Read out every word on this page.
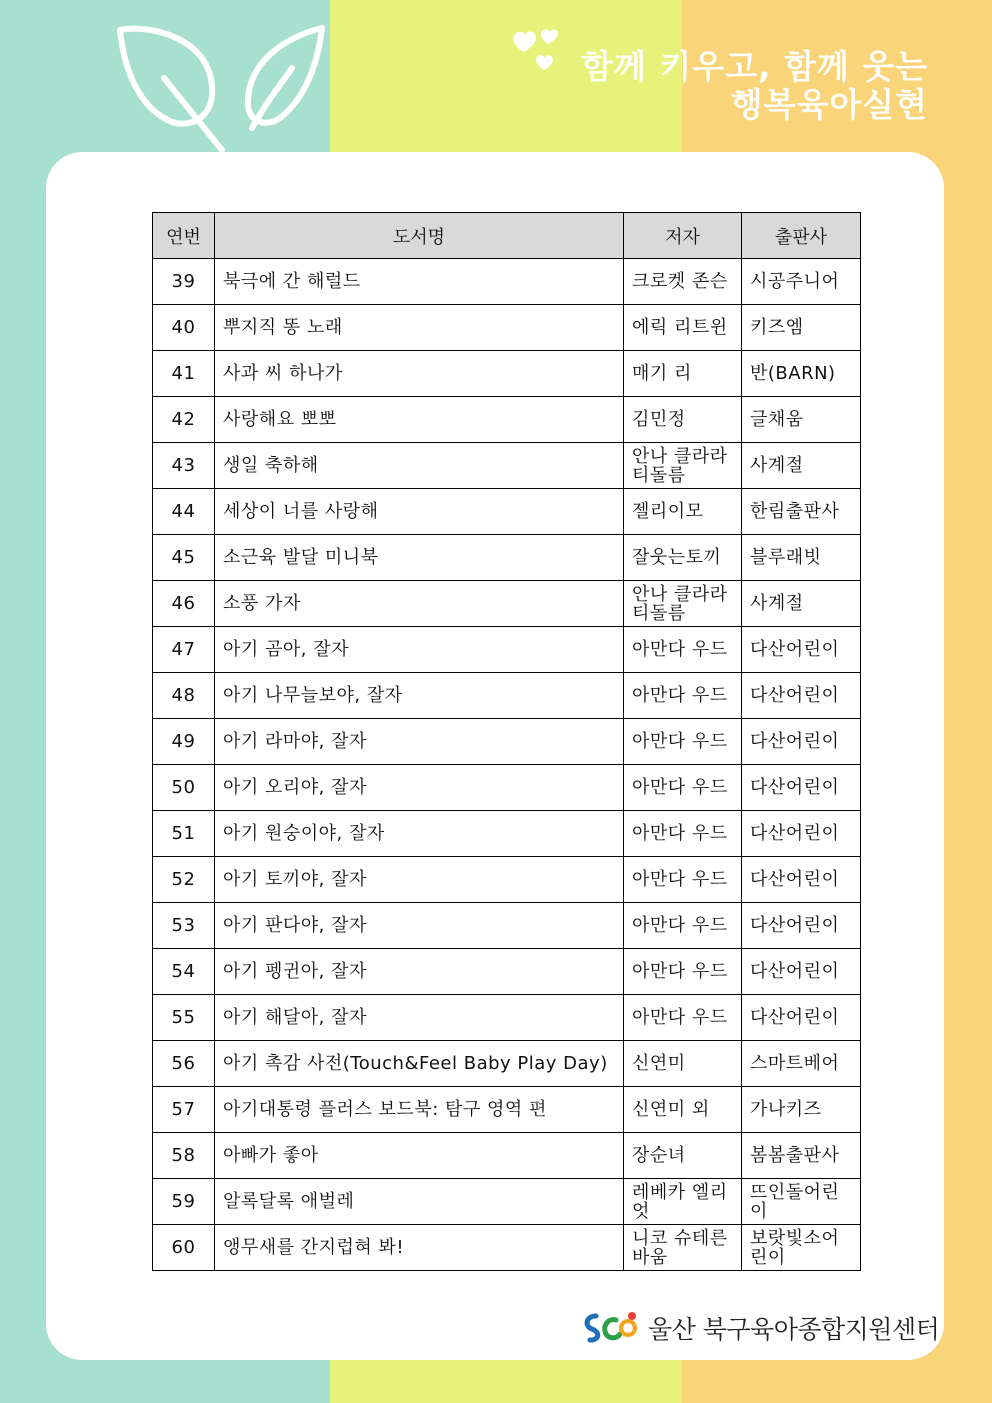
함께 키우고, 함께 웃는
행복육아실현
연번	도서명	저자	출판사
39	북극에 간 해럴드	크로켓 존슨	시공주니어
40	뿌지직 똥 노래	에릭 리트윈	키즈엠
41	사과 씨 하나가	매기 리	반(BARN)
42	사랑해요 뽀뽀	김민정	글채움
43	생일 축하해	안나 클라라 티돌름	사계절
44	세상이 너를 사랑해	젤리이모	한림출판사
45	소근육 발달 미니북	잘웃는토끼	블루래빗
46	소풍 가자	안나 클라라 티돌름	사계절
47	아기 곰아, 잘자	아만다 우드	다산어린이
48	아기 나무늘보야, 잘자	아만다 우드	다산어린이
49	아기 라마야, 잘자	아만다 우드	다산어린이
50	아기 오리야, 잘자	아만다 우드	다산어린이
51	아기 원숭이야, 잘자	아만다 우드	다산어린이
52	아기 토끼야, 잘자	아만다 우드	다산어린이
53	아기 판다야, 잘자	아만다 우드	다산어린이
54	아기 펭귄아, 잘자	아만다 우드	다산어린이
55	아기 해달아, 잘자	아만다 우드	다산어린이
56	아기 촉감 사전(Touch&Feel Baby Play Day)	신연미	스마트베어
57	아기대통령 플러스 보드북: 탐구 영역 편	신연미 외	가나키즈
58	아빠가 좋아	장순녀	봄봄출판사
59	알록달록 애벌레	레베카 엘리엇	뜨인돌어린이
60	앵무새를 간지럽혀 봐!	니코 슈테른바움	보랏빛소어린이
울산 북구육아종합지원센터
